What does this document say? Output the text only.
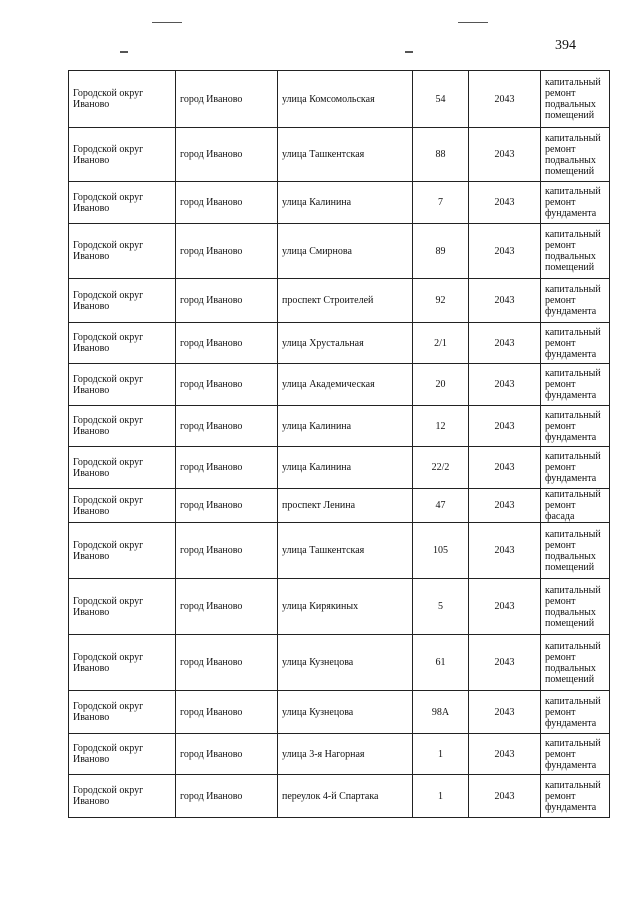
394
Городской округ Иваново	город Иваново	улица Комсомольская	54	2043	капитальный ремонт подвальных помещений
Городской округ Иваново	город Иваново	улица Ташкентская	88	2043	капитальный ремонт подвальных помещений
Городской округ Иваново	город Иваново	улица Калинина	7	2043	капитальный ремонт фундамента
Городской округ Иваново	город Иваново	улица Смирнова	89	2043	капитальный ремонт подвальных помещений
Городской округ Иваново	город Иваново	проспект Строителей	92	2043	капитальный ремонт фундамента
Городской округ Иваново	город Иваново	улица Хрустальная	2/1	2043	капитальный ремонт фундамента
Городской округ Иваново	город Иваново	улица Академическая	20	2043	капитальный ремонт фундамента
Городской округ Иваново	город Иваново	улица Калинина	12	2043	капитальный ремонт фундамента
Городской округ Иваново	город Иваново	улица Калинина	22/2	2043	капитальный ремонт фундамента
Городской округ Иваново	город Иваново	проспект Ленина	47	2043	капитальный ремонт фасада
Городской округ Иваново	город Иваново	улица Ташкентская	105	2043	капитальный ремонт подвальных помещений
Городской округ Иваново	город Иваново	улица Кирякиных	5	2043	капитальный ремонт подвальных помещений
Городской округ Иваново	город Иваново	улица Кузнецова	61	2043	капитальный ремонт подвальных помещений
Городской округ Иваново	город Иваново	улица Кузнецова	98А	2043	капитальный ремонт фундамента
Городской округ Иваново	город Иваново	улица 3-я Нагорная	1	2043	капитальный ремонт фундамента
Городской округ Иваново	город Иваново	переулок 4-й Спартака	1	2043	капитальный ремонт фундамента
